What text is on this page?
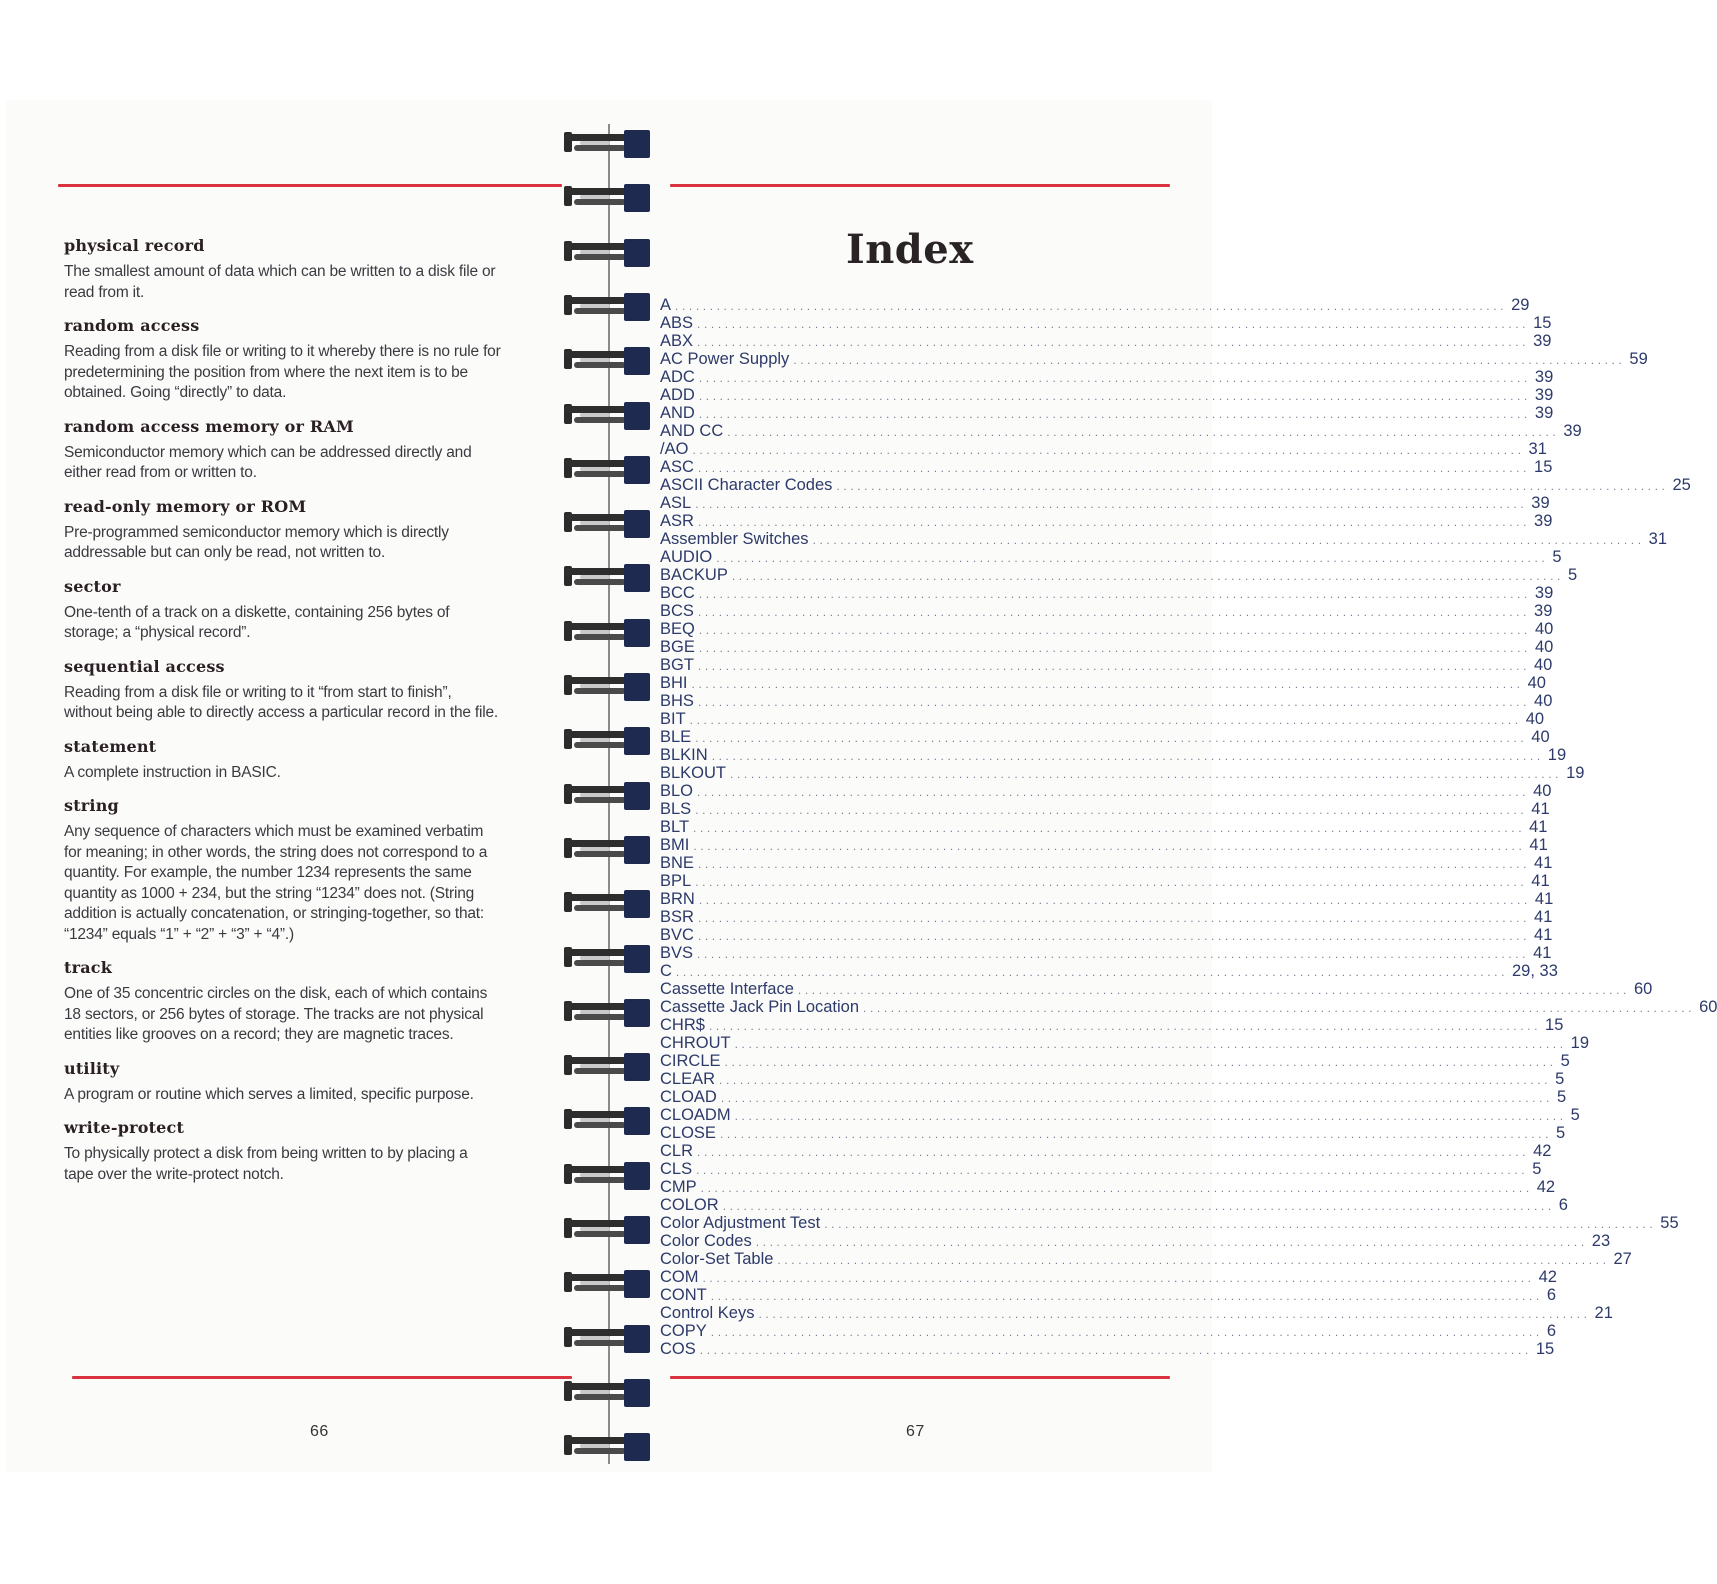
physical record

The smallest amount of data which can be written to a disk file or
read from it.

random access

Reading from a disk file or writing to it whereby there is no rule for
predetermining the position from where the next item is to be
obtained. Going “directly” to data.

random access memory or RAM

Semiconductor memory which can be addressed directly and
either read from or written to.

read-only memory or ROM

Pre-programmed semiconductor memory which is directly
addressable but can only be read, not written to.

sector

One-tenth of a track on a diskette, containing 256 bytes of
storage; a “physical record”.

sequential access

Reading from a disk file or writing to it “from start to finish”,
without being able to directly access a particular record in the file.

statement

A complete instruction in BASIC.

string

Any sequence of characters which must be examined verbatim
for meaning; in other words, the string does not correspond to a
quantity. For example, the number 1234 represents the same
quantity as 1000 + 234, but the string “1234” does not. (String
addition is actually concatenation, or stringing-together, so that:
“1234” equals “1” + “2” + “3” + “4”.)

track

One of 35 concentric circles on the disk, each of which contains
18 sectors, or 256 bytes of storage. The tracks are not physical
entities like grooves on a record; they are magnetic traces.

utility

A program or routine which serves a limited, specific purpose.

write-protect

To physically protect a disk from being written to by placing a
tape over the write-protect notch.

66
Index
A ........................................................................................................................ 29
ABS ........................................................................................................................ 15
ABX ........................................................................................................................ 39
AC Power Supply ........................................................................................................................ 59
ADC ........................................................................................................................ 39
ADD ........................................................................................................................ 39
AND ........................................................................................................................ 39
AND CC ........................................................................................................................ 39
/AO ........................................................................................................................ 31
ASC ........................................................................................................................ 15
ASCII Character Codes ........................................................................................................................ 25
ASL ........................................................................................................................ 39
ASR ........................................................................................................................ 39
Assembler Switches ........................................................................................................................ 31
AUDIO ........................................................................................................................ 5
BACKUP ........................................................................................................................ 5
BCC ........................................................................................................................ 39
BCS ........................................................................................................................ 39
BEQ ........................................................................................................................ 40
BGE ........................................................................................................................ 40
BGT ........................................................................................................................ 40
BHI ........................................................................................................................ 40
BHS ........................................................................................................................ 40
BIT ........................................................................................................................ 40
BLE ........................................................................................................................ 40
BLKIN ........................................................................................................................ 19
BLKOUT ........................................................................................................................ 19
BLO ........................................................................................................................ 40
BLS ........................................................................................................................ 41
BLT ........................................................................................................................ 41
BMI ........................................................................................................................ 41
BNE ........................................................................................................................ 41
BPL ........................................................................................................................ 41
BRN ........................................................................................................................ 41
BSR ........................................................................................................................ 41
BVC ........................................................................................................................ 41
BVS ........................................................................................................................ 41
C ........................................................................................................................ 29, 33
Cassette Interface ........................................................................................................................ 60
Cassette Jack Pin Location ........................................................................................................................ 60
CHR$ ........................................................................................................................ 15
CHROUT ........................................................................................................................ 19
CIRCLE ........................................................................................................................ 5
CLEAR ........................................................................................................................ 5
CLOAD ........................................................................................................................ 5
CLOADM ........................................................................................................................ 5
CLOSE ........................................................................................................................ 5
CLR ........................................................................................................................ 42
CLS ........................................................................................................................ 5
CMP ........................................................................................................................ 42
COLOR ........................................................................................................................ 6
Color Adjustment Test ........................................................................................................................ 55
Color Codes ........................................................................................................................ 23
Color-Set Table ........................................................................................................................ 27
COM ........................................................................................................................ 42
CONT ........................................................................................................................ 6
Control Keys ........................................................................................................................ 21
COPY ........................................................................................................................ 6
COS ........................................................................................................................ 15
67
